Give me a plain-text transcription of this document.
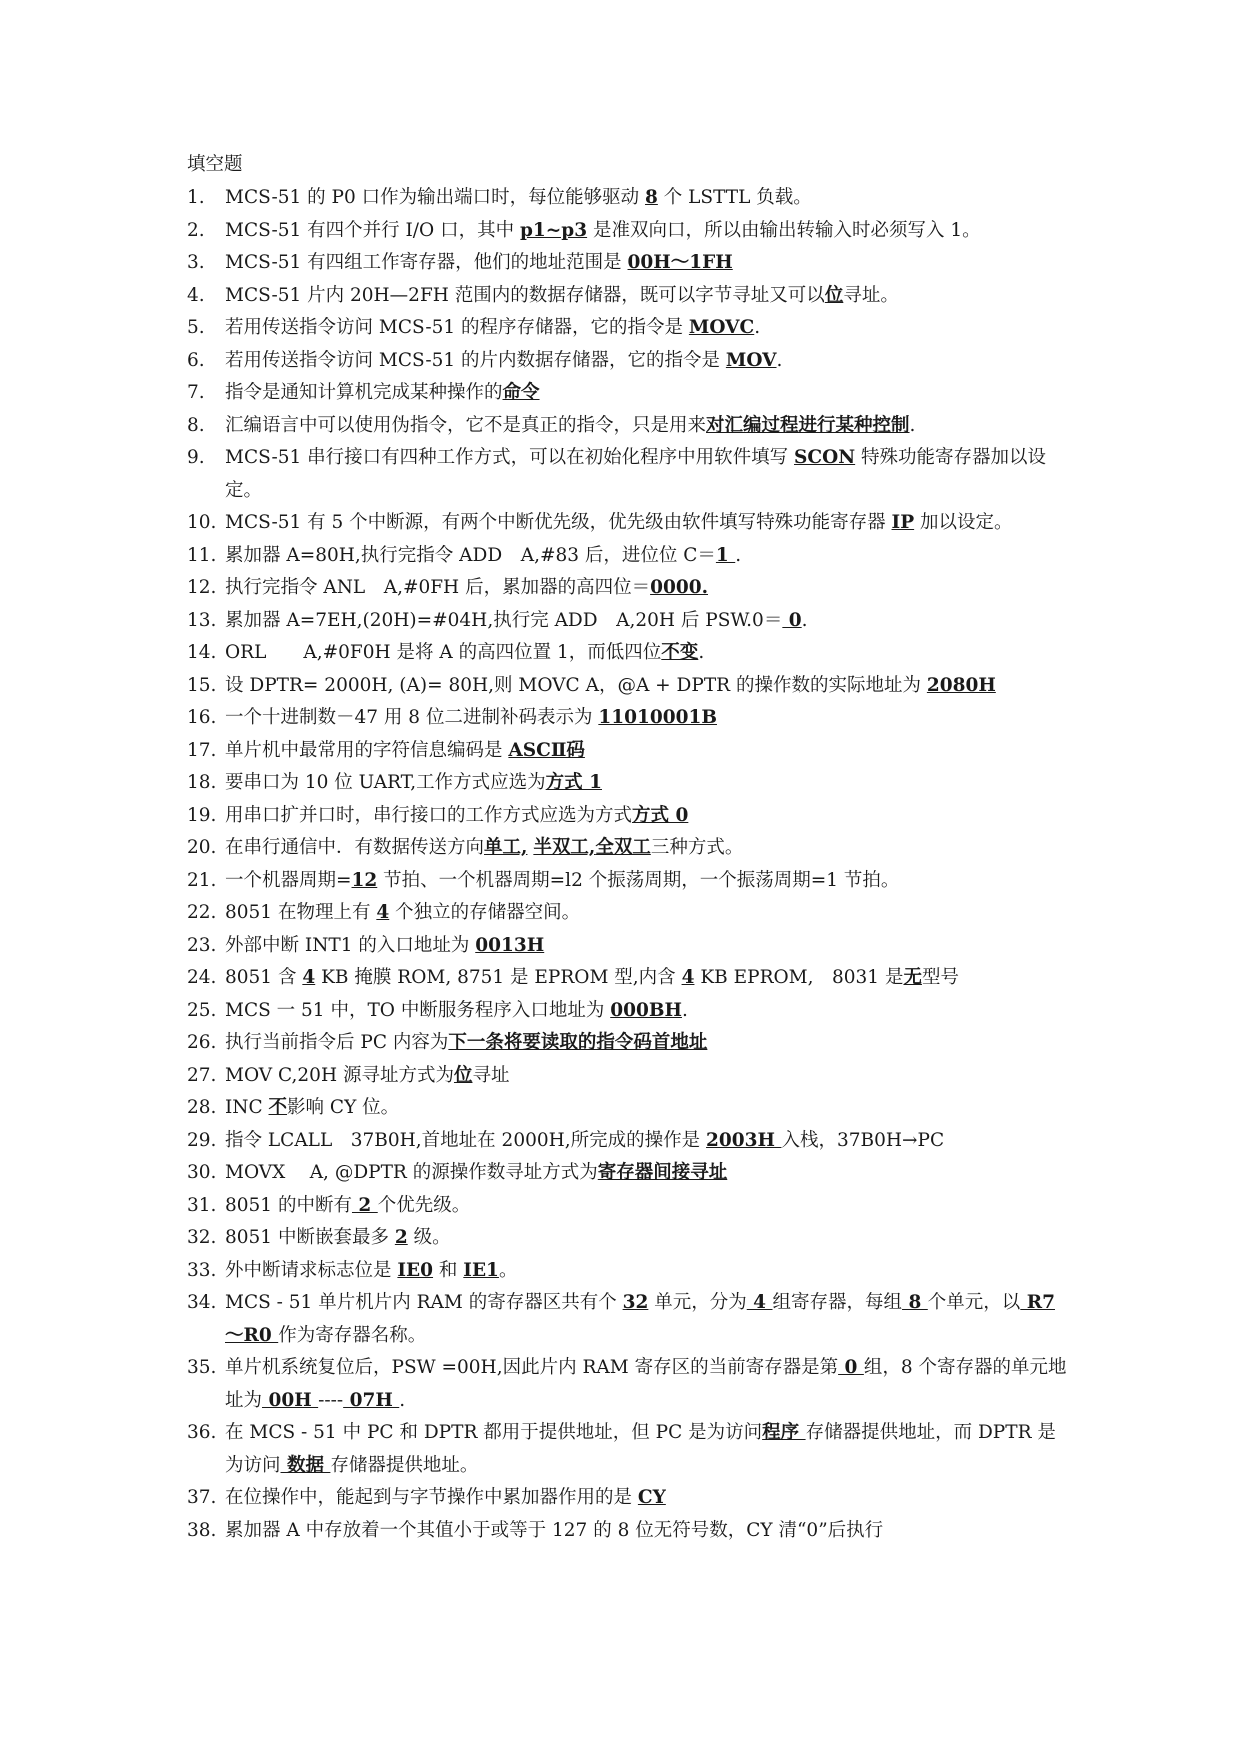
填空题
1.	MCS-51 的 P0 口作为输出端口时，每位能够驱动 8 个 LSTTL 负载。
2.	MCS-51 有四个并行 I/O 口，其中 p1~p3 是准双向口，所以由输出转输入时必须写入 1。
3.	MCS-51 有四组工作寄存器，他们的地址范围是 00H～1FH
4.	MCS-51 片内 20H—2FH 范围内的数据存储器，既可以字节寻址又可以位寻址。
5.	若用传送指令访问 MCS-51 的程序存储器，它的指令是 MOVC.
6.	若用传送指令访问 MCS-51 的片内数据存储器，它的指令是 MOV.
7.	指令是通知计算机完成某种操作的命令
8.	汇编语言中可以使用伪指令，它不是真正的指令，只是用来对汇编过程进行某种控制.
9.	MCS-51 串行接口有四种工作方式，可以在初始化程序中用软件填写 SCON 特殊功能寄存器加以设定。
10. MCS-51 有 5 个中断源，有两个中断优先级，优先级由软件填写特殊功能寄存器 IP 加以设定。
11. 累加器 A=80H,执行完指令 ADD　A,#83 后，进位位 C＝1 .
12. 执行完指令 ANL　A,#0FH 后，累加器的高四位＝0000.
13. 累加器 A=7EH,(20H)=#04H,执行完 ADD　A,20H 后 PSW.0＝ 0.
14. ORL　　A,#0F0H 是将 A 的高四位置 1，而低四位不变.
15. 设 DPTR= 2000H, (A)= 80H,则 MOVC A，@A + DPTR 的操作数的实际地址为 2080H
16. 一个十进制数－47 用 8 位二进制补码表示为 11010001B
17. 单片机中最常用的字符信息编码是 ASCⅡ码
18. 要串口为 10 位 UART,工作方式应选为方式 1
19. 用串口扩并口时，串行接口的工作方式应选为方式方式 0
20. 在串行通信中．有数据传送方向单工, 半双工,全双工三种方式。
21. 一个机器周期=12 节拍、一个机器周期=l2 个振荡周期，一个振荡周期=1 节拍。
22. 8051 在物理上有 4 个独立的存储器空间。
23. 外部中断 INT1 的入口地址为 0013H
24. 8051 含 4 KB 掩膜 ROM, 8751 是 EPROM 型,内含 4 KB EPROM,　8031 是无型号
25. MCS 一 51 中，TO 中断服务程序入口地址为 000BH.
26. 执行当前指令后 PC 内容为下一条将要读取的指令码首地址
27. MOV C,20H 源寻址方式为位寻址
28. INC 不影响 CY 位。
29. 指令 LCALL　37B0H,首地址在 2000H,所完成的操作是 2003H 入栈，37B0H→PC
30. MOVX　 A, @DPTR 的源操作数寻址方式为寄存器间接寻址
31. 8051 的中断有 2 个优先级。
32. 8051 中断嵌套最多 2 级。
33. 外中断请求标志位是 IE0 和 IE1。
34. MCS - 51 单片机片内 RAM 的寄存器区共有个 32 单元，分为 4 组寄存器，每组 8 个单元，以 R7～R0 作为寄存器名称。
35. 单片机系统复位后，PSW =00H,因此片内 RAM 寄存区的当前寄存器是第 0 组，8 个寄存器的单元地址为 00H ---- 07H .
36. 在 MCS - 51 中 PC 和 DPTR 都用于提供地址，但 PC 是为访问程序 存储器提供地址，而 DPTR 是为访问 数据 存储器提供地址。
37. 在位操作中，能起到与字节操作中累加器作用的是 CY
38. 累加器 A 中存放着一个其值小于或等于 127 的 8 位无符号数，CY 清“0”后执行
